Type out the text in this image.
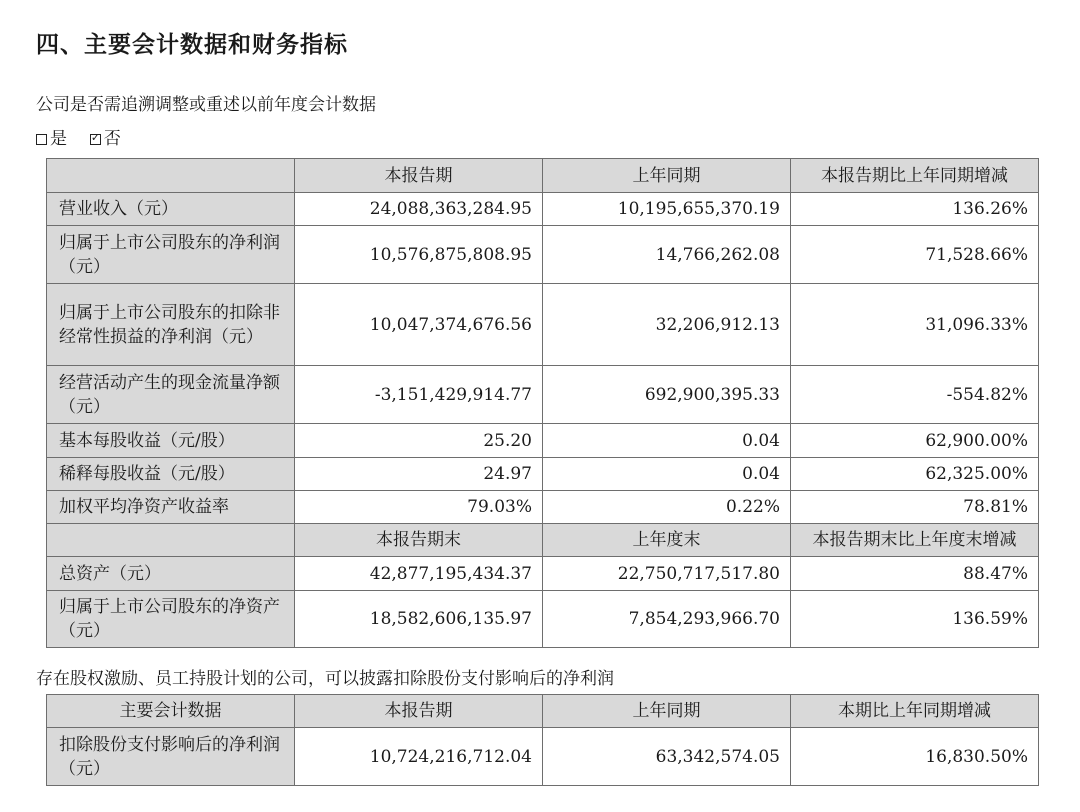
四、主要会计数据和财务指标
公司是否需追溯调整或重述以前年度会计数据
是 ✓ 否
	本报告期	上年同期	本报告期比上年同期增减
营业收入（元）	24,088,363,284.95	10,195,655,370.19	136.26%
归属于上市公司股东的净利润（元）	10,576,875,808.95	14,766,262.08	71,528.66%
归属于上市公司股东的扣除非经常性损益的净利润（元）	10,047,374,676.56	32,206,912.13	31,096.33%
经营活动产生的现金流量净额（元）	-3,151,429,914.77	692,900,395.33	-554.82%
基本每股收益（元/股）	25.20	0.04	62,900.00%
稀释每股收益（元/股）	24.97	0.04	62,325.00%
加权平均净资产收益率	79.03%	0.22%	78.81%
	本报告期末	上年度末	本报告期末比上年度末增减
总资产（元）	42,877,195,434.37	22,750,717,517.80	88.47%
归属于上市公司股东的净资产（元）	18,582,606,135.97	7,854,293,966.70	136.59%
存在股权激励、员工持股计划的公司，可以披露扣除股份支付影响后的净利润
主要会计数据	本报告期	上年同期	本期比上年同期增减
扣除股份支付影响后的净利润（元）	10,724,216,712.04	63,342,574.05	16,830.50%
